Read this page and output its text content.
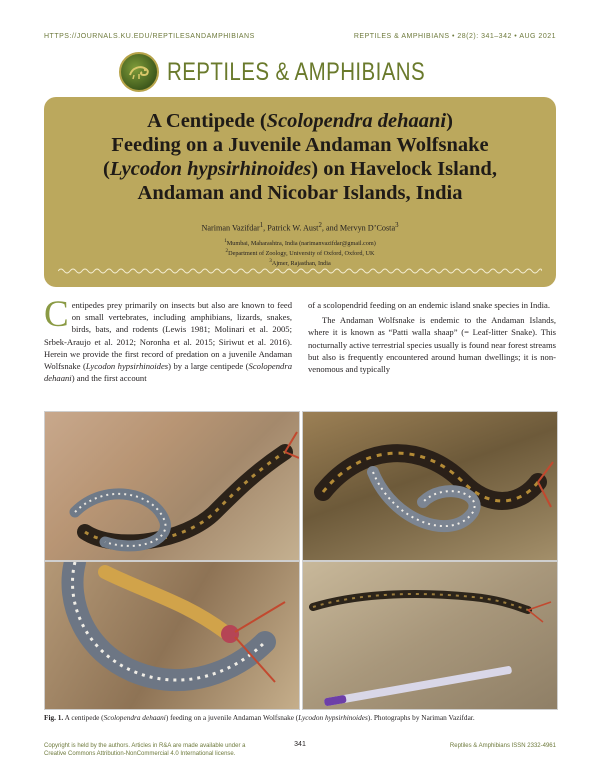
HTTPS://JOURNALS.KU.EDU/REPTILESANDAMPHIBIANS	REPTILES & AMPHIBIANS • 28(2): 341–342 • AUG 2021
REPTILES & AMPHIBIANS
A Centipede (Scolopendra dehaani)
Feeding on a Juvenile Andaman Wolfsnake
(Lycodon hypsirhinoides) on Havelock Island,
Andaman and Nicobar Islands, India
Nariman Vazifdar$^1$, Patrick W. Aust$^2$, and Mervyn D’Costa$^3$
$^1$Mumbai, Maharashtra, India (narimanvazifdar@gmail.com)
$^2$Department of Zoology, University of Oxford, Oxford, UK
$^3$Ajmer, Rajasthan, India

Centipedes prey primarily on insects but also are known to feed on small vertebrates, including amphibians, lizards, snakes, birds, bats, and rodents (Lewis 1981; Molinari et al. 2005; Srbek-Araujo et al. 2012; Noronha et al. 2015; Siriwut et al. 2016). Herein we provide the first record of predation on a juvenile Andaman Wolfsnake (Lycodon hypsirhinoides) by a large centipede (Scolopendra dehaani) and the first account

of a scolopendrid feeding on an endemic island snake species in India.

The Andaman Wolfsnake is endemic to the Andaman Islands, where it is known as “Patti walla shaap” (= Leaf-litter Snake). This nocturnally active terrestrial species usually is found near forest streams but also is frequently encountered around human dwellings; it is non-venomous and typically

Fig. 1. A centipede (Scolopendra dehaani) feeding on a juvenile Andaman Wolfsnake (Lycodon hypsirhinoides). Photographs by Nariman Vazifdar.
Copyright is held by the authors. Articles in R&A are made available under a Creative Commons Attribution-NonCommercial 4.0 International license.
341	Reptiles & Amphibians ISSN 2332-4961
